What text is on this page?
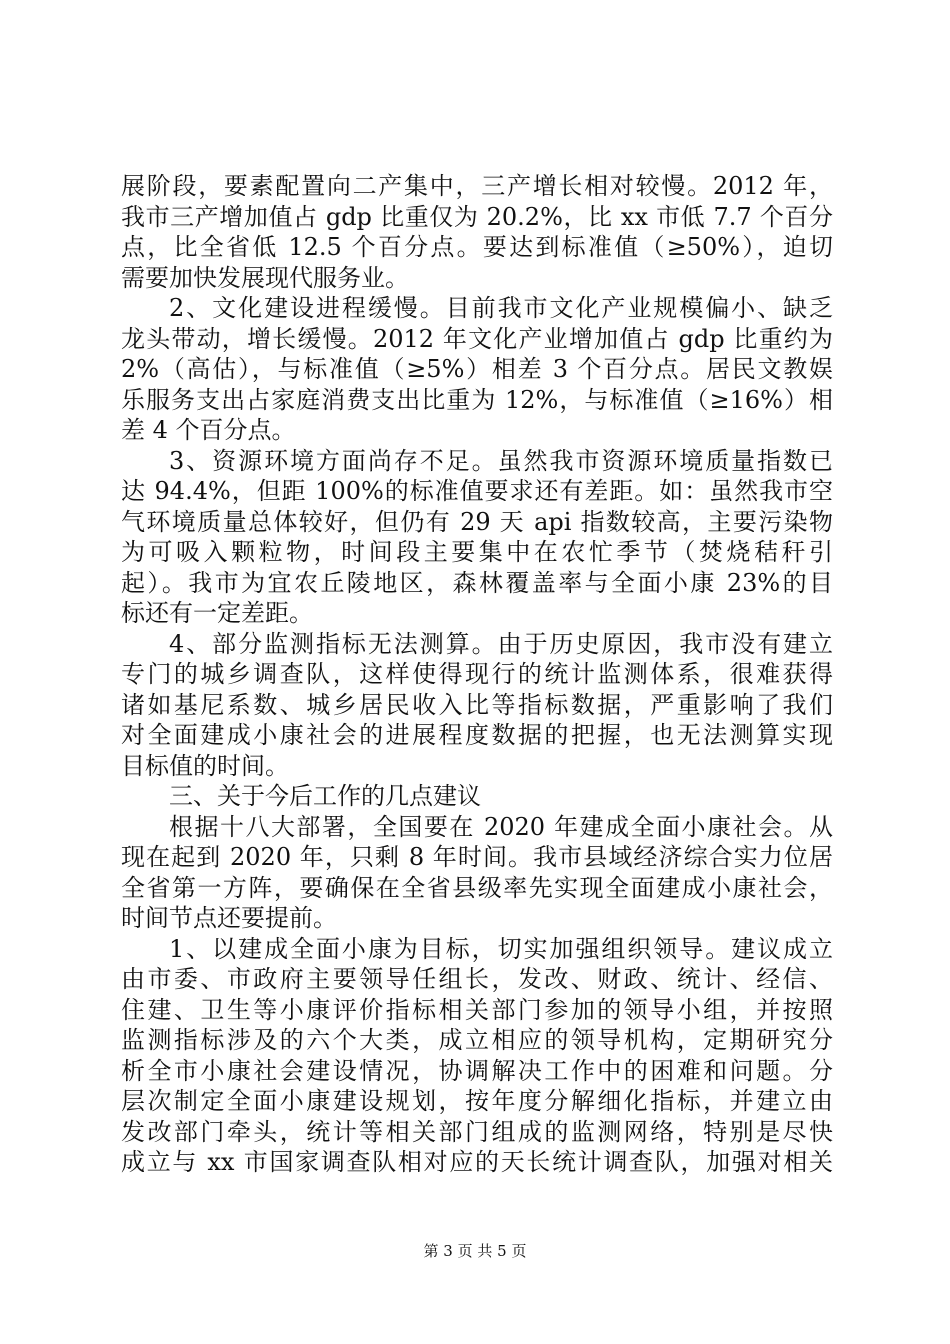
展阶段，要素配置向二产集中，三产增长相对较慢。2012 年，
我市三产增加值占 gdp 比重仅为 20.2%，比 xx 市低 7.7 个百分
点，比全省低 12.5 个百分点。要达到标准值（≥50%），迫切
需要加快发展现代服务业。
2、文化建设进程缓慢。目前我市文化产业规模偏小、缺乏
龙头带动，增长缓慢。2012 年文化产业增加值占 gdp 比重约为
2%（高估），与标准值（≥5%）相差 3 个百分点。居民文教娱
乐服务支出占家庭消费支出比重为 12%，与标准值（≥16%）相
差 4 个百分点。
3、资源环境方面尚存不足。虽然我市资源环境质量指数已
达 94.4%，但距 100%的标准值要求还有差距。如：虽然我市空
气环境质量总体较好，但仍有 29 天 api 指数较高，主要污染物
为可吸入颗粒物，时间段主要集中在农忙季节（焚烧秸秆引
起）。我市为宜农丘陵地区，森林覆盖率与全面小康 23%的目
标还有一定差距。
4、部分监测指标无法测算。由于历史原因，我市没有建立
专门的城乡调查队，这样使得现行的统计监测体系，很难获得
诸如基尼系数、城乡居民收入比等指标数据，严重影响了我们
对全面建成小康社会的进展程度数据的把握，也无法测算实现
目标值的时间。
三、关于今后工作的几点建议
根据十八大部署，全国要在 2020 年建成全面小康社会。从
现在起到 2020 年，只剩 8 年时间。我市县域经济综合实力位居
全省第一方阵，要确保在全省县级率先实现全面建成小康社会，
时间节点还要提前。
1、以建成全面小康为目标，切实加强组织领导。建议成立
由市委、市政府主要领导任组长，发改、财政、统计、经信、
住建、卫生等小康评价指标相关部门参加的领导小组，并按照
监测指标涉及的六个大类，成立相应的领导机构，定期研究分
析全市小康社会建设情况，协调解决工作中的困难和问题。分
层次制定全面小康建设规划，按年度分解细化指标，并建立由
发改部门牵头，统计等相关部门组成的监测网络，特别是尽快
成立与 xx 市国家调查队相对应的天长统计调查队，加强对相关
第 3 页 共 5 页
